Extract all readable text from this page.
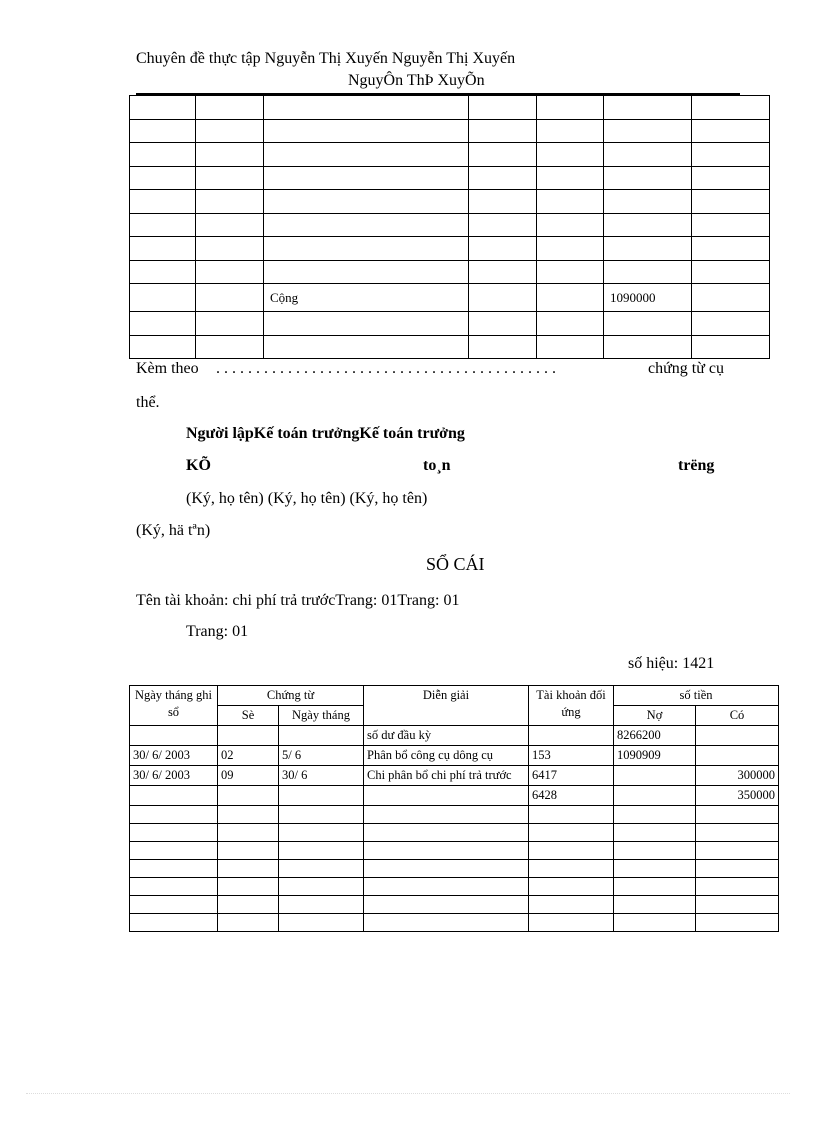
Chuyên đề thực tập Nguyễn Thị Xuyến Nguyễn Thị Xuyến
NguyÔn ThÞ XuyÕn

		Cộng			1090000	

Kèm theo . . . . . . . . . . . . . . . . . . . . . . . . . . . . . . . . . . . . . . . . . . .	chứng từ cụ
thể.
Người lậpKế toán trưởngKế toán trưởng
KÕ	to¸n	trëng
(Ký, họ tên) (Ký, họ tên) (Ký, họ tên)
(Ký, hä tªn)
SỔ CÁI
Tên tài khoản: chi phí trả trướcTrang: 01Trang: 01
Trang: 01
số hiệu: 1421
Ngày tháng ghi sổ	Chứng từ		Diễn giải	Tài khoản đối ứng	số tiền	
	Sè	Ngày tháng			Nợ	Có
			số dư đầu kỳ		8266200	
30/ 6/ 2003	02	5/ 6	Phân bổ công cụ dông cụ	153	1090909	
30/ 6/ 2003	09	30/ 6	Chi phân bổ chi phí trả trước	6417		300000
				6428		350000
